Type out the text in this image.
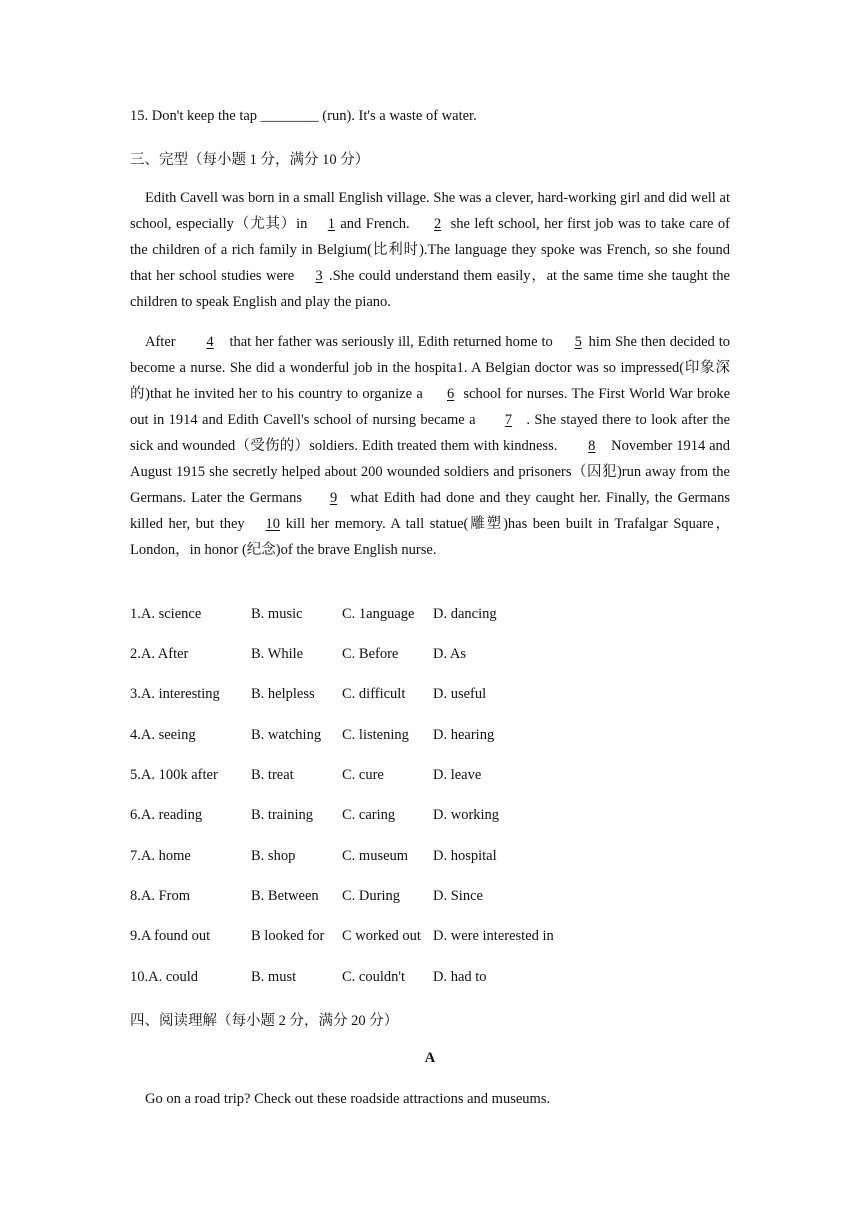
15. Don't keep the tap ________ (run). It's a waste of water.
三、完型（每小题 1 分，满分 10 分）
Edith Cavell was born in a small English village. She was a clever, hard-working girl and did well at school, especially（尤其）in 1 and French. 2 she left school, her first job was to take care of the children of a rich family in Belgium(比利时).The language they spoke was French, so she found that her school studies were 3 .She could understand them easily，at the same time she taught the children to speak English and play the piano.
After 4 that her father was seriously ill, Edith returned home to 5 him She then decided to become a nurse. She did a wonderful job in the hospita1. A Belgian doctor was so impressed(印象深的)that he invited her to his country to organize a 6 school for nurses. The First World War broke out in 1914 and Edith Cavell's school of nursing became a 7 . She stayed there to look after the sick and wounded（受伤的）soldiers. Edith treated them with kindness. 8 November 1914 and August 1915 she secretly helped about 200 wounded soldiers and prisoners（囚犯)run away from the Germans. Later the Germans 9 what Edith had done and they caught her. Finally, the Germans killed her, but they 10 kill her memory. A tall statue(雕塑)has been built in Trafalgar Square，London，in honor (纪念)of the brave English nurse.
1.A. science	B. music	C. 1anguage D. dancing
2.A. After	B. While	C. Before D. As
3.A. interesting B. helpless C. difficult D. useful
4.A. seeing	B. watching C. listening D. hearing
5.A. 100k after B. treat	C. cure	D. leave
6.A. reading	B. training C. caring	D. working
7.A. home	B. shop	C. museum D. hospital
8.A. From	B. Between C. During D. Since
9.A found out	B looked for C worked out D. were interested in
10.A. could	B. must	C. couldn't D. had to
四、阅读理解（每小题 2 分，满分 20 分）
A
Go on a road trip? Check out these roadside attractions and museums.
